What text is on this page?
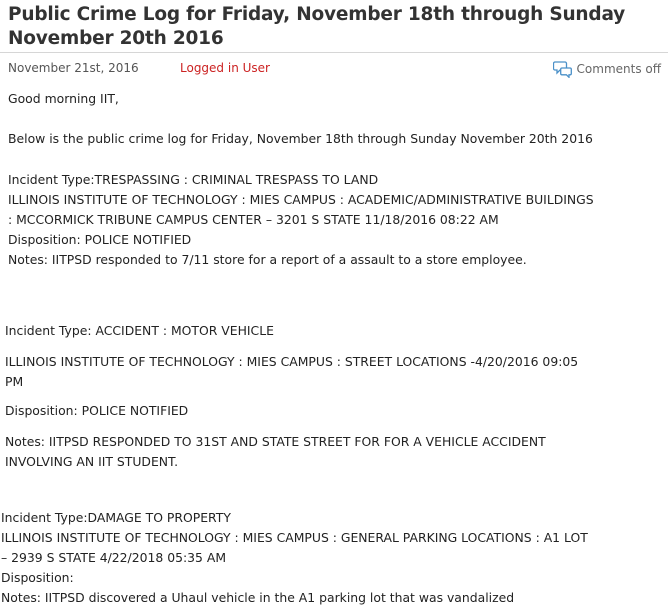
Public Crime Log for Friday, November 18th through Sunday November 20th 2016
November 21st, 2016	Logged in User	Comments off
Good morning IIT,
Below is the public crime log for Friday, November 18th through Sunday November 20th 2016
Incident Type:TRESPASSING : CRIMINAL TRESPASS TO LAND
ILLINOIS INSTITUTE OF TECHNOLOGY : MIES CAMPUS : ACADEMIC/ADMINISTRATIVE BUILDINGS
: MCCORMICK TRIBUNE CAMPUS CENTER – 3201 S STATE 11/18/2016 08:22 AM
Disposition: POLICE NOTIFIED
Notes: IITPSD responded to 7/11 store for a report of a assault to a store employee.
Incident Type: ACCIDENT : MOTOR VEHICLE
ILLINOIS INSTITUTE OF TECHNOLOGY : MIES CAMPUS : STREET LOCATIONS -4/20/2016 09:05
PM
Disposition: POLICE NOTIFIED
Notes: IITPSD RESPONDED TO 31ST AND STATE STREET FOR FOR A VEHICLE ACCIDENT
INVOLVING AN IIT STUDENT.
Incident Type:DAMAGE TO PROPERTY
ILLINOIS INSTITUTE OF TECHNOLOGY : MIES CAMPUS : GENERAL PARKING LOCATIONS : A1 LOT
– 2939 S STATE 4/22/2018 05:35 AM
Disposition:
Notes: IITPSD discovered a Uhaul vehicle in the A1 parking lot that was vandalized
